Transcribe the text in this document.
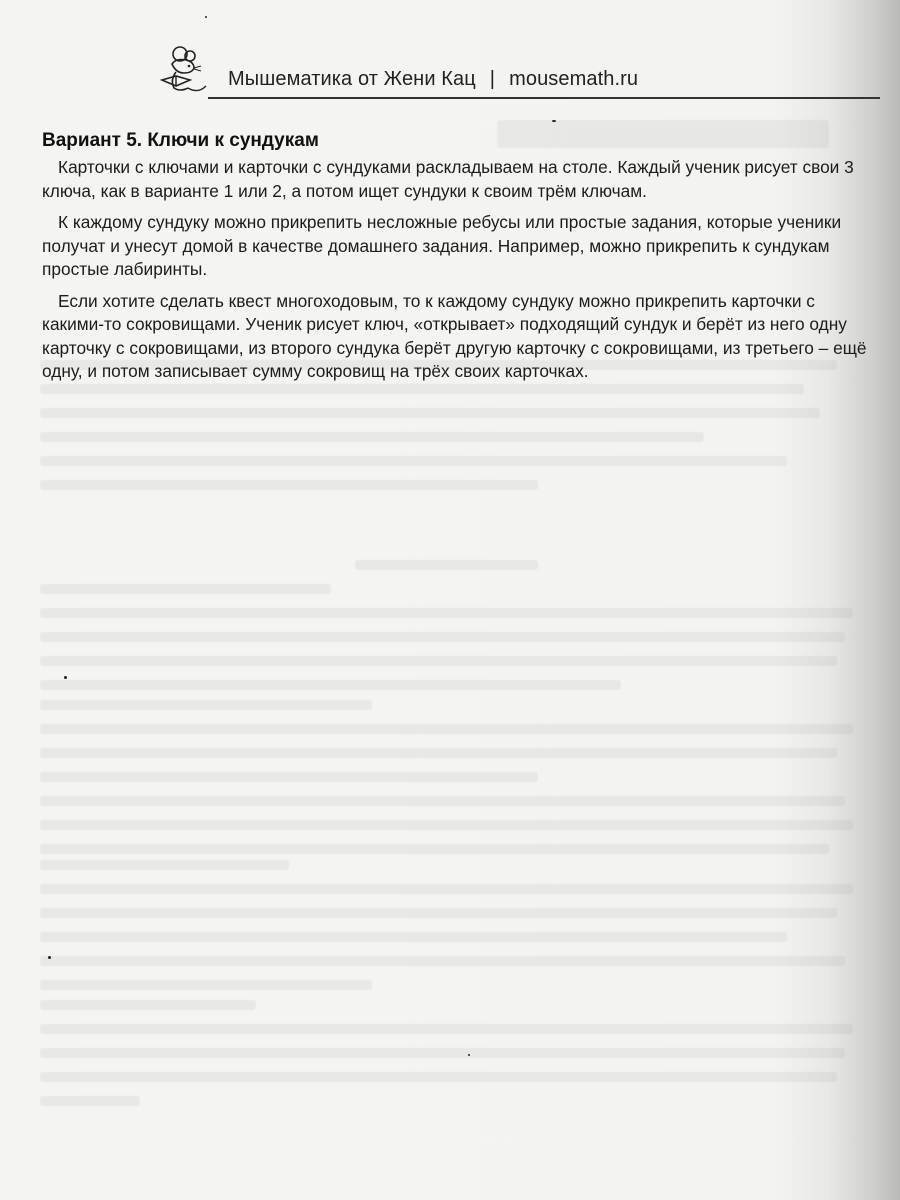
Мышематика от Жени Кац | mousemath.ru
Вариант 5. Ключи к сундукам

Карточки с ключами и карточки с сундуками раскладываем на столе. Каждый ученик рисует свои 3 ключа, как в варианте 1 или 2, а потом ищет сундуки к своим трём ключам.

К каждому сундуку можно прикрепить несложные ребусы или простые задания, которые ученики получат и унесут домой в качестве домашнего задания. Например, можно прикрепить к сундукам простые лабиринты.

Если хотите сделать квест многоходовым, то к каждому сундуку можно прикрепить карточки с какими-то сокровищами. Ученик рисует ключ, «открывает» подходящий сундук и берёт из него одну карточку с сокровищами, из второго сундука берёт другую карточку с сокровищами, из третьего – ещё одну, и потом записывает сумму сокровищ на трёх своих карточках.
